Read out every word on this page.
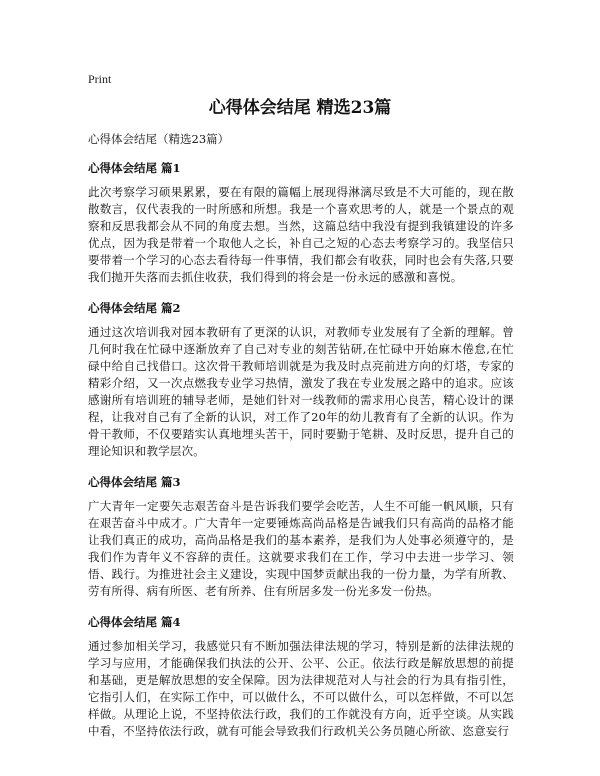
Print
心得体会结尾 精选23篇
心得体会结尾（精选23篇）
心得体会结尾 篇1
此次考察学习硕果累累，要在有限的篇幅上展现得淋漓尽致是不大可能的，现在散散数言，仅代表我的一时所感和所想。我是一个喜欢思考的人，就是一个景点的观察和反思我都会从不同的角度去想。当然，这篇总结中我没有提到我镇建设的许多优点，因为我是带着一个取他人之长，补自己之短的心态去考察学习的。我坚信只要带着一个学习的心态去看待每一件事情，我们都会有收获，同时也会有失落,只要我们抛开失落而去抓住收获，我们得到的将会是一份永远的感激和喜悦。
心得体会结尾 篇2
通过这次培训我对园本教研有了更深的认识，对教师专业发展有了全新的理解。曾几何时我在忙碌中逐渐放弃了自己对专业的刻苦钻研,在忙碌中开始麻木倦怠,在忙碌中给自己找借口。这次骨干教师培训就是为我及时点亮前进方向的灯塔，专家的精彩介绍，又一次点燃我专业学习热情，激发了我在专业发展之路中的追求。应该感谢所有培训班的辅导老师，是她们针对一线教师的需求用心良苦，精心设计的课程，让我对自己有了全新的认识，对工作了20年的幼儿教育有了全新的认识。作为骨干教师，不仅要踏实认真地埋头苦干，同时要勤于笔耕、及时反思，提升自己的理论知识和教学层次。
心得体会结尾 篇3
广大青年一定要矢志艰苦奋斗是告诉我们要学会吃苦，人生不可能一帆风顺，只有在艰苦奋斗中成才。广大青年一定要锤炼高尚品格是告诫我们只有高尚的品格才能让我们真正的成功，高尚品格是我们的基本素养，是我们为人处事必须遵守的，是我们作为青年义不容辞的责任。这就要求我们在工作，学习中去进一步学习、领悟、践行。为推进社会主义建设，实现中国梦贡献出我的一份力量，为学有所教、劳有所得、病有所医、老有所养、住有所居多发一份光多发一份热。
心得体会结尾 篇4
通过参加相关学习，我感觉只有不断加强法律法规的学习，特别是新的法律法规的学习与应用，才能确保我们执法的公开、公平、公正。依法行政是解放思想的前提和基础，更是解放思想的安全保障。因为法律规范对人与社会的行为具有指引性，它指引人们，在实际工作中，可以做什么，不可以做什么，可以怎样做，不可以怎样做。从理论上说，不坚持依法行政，我们的工作就没有方向，近乎空谈。从实践中看，不坚持依法行政，就有可能会导致我们行政机关公务员随心所欲、恣意妄行
